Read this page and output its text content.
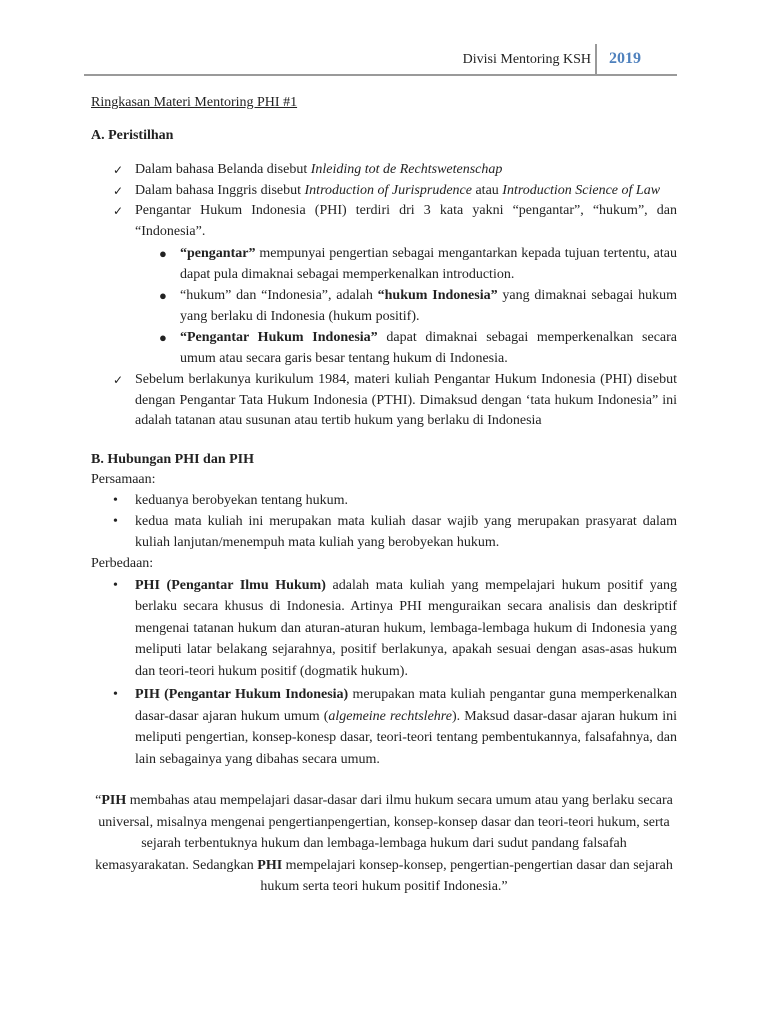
Divisi Mentoring KSH 2019

Ringkasan Materi Mentoring PHI #1

A. Peristilhan

✓ Dalam bahasa Belanda disebut Inleiding tot de Rechtswetenschap
✓ Dalam bahasa Inggris disebut Introduction of Jurisprudence atau Introduction Science of Law
✓ Pengantar Hukum Indonesia (PHI) terdiri dri 3 kata yakni “pengantar”, “hukum”, dan “Indonesia”.
● “pengantar” mempunyai pengertian sebagai mengantarkan kepada tujuan tertentu, atau dapat pula dimaknai sebagai memperkenalkan introduction.
● “hukum” dan “Indonesia”, adalah “hukum Indonesia” yang dimaknai sebagai hukum yang berlaku di Indonesia (hukum positif).
● “Pengantar Hukum Indonesia” dapat dimaknai sebagai memperkenalkan secara umum atau secara garis besar tentang hukum di Indonesia.
✓ Sebelum berlakunya kurikulum 1984, materi kuliah Pengantar Hukum Indonesia (PHI) disebut dengan Pengantar Tata Hukum Indonesia (PTHI). Dimaksud dengan ‘tata hukum Indonesia” ini adalah tatanan atau susunan atau tertib hukum yang berlaku di Indonesia

B. Hubungan PHI dan PIH

Persamaan:

• keduanya berobyekan tentang hukum.
• kedua mata kuliah ini merupakan mata kuliah dasar wajib yang merupakan prasyarat dalam kuliah lanjutan/menempuh mata kuliah yang berobyekan hukum.

Perbedaan:

• PHI (Pengantar Ilmu Hukum) adalah mata kuliah yang mempelajari hukum positif yang berlaku secara khusus di Indonesia. Artinya PHI menguraikan secara analisis dan deskriptif mengenai tatanan hukum dan aturan-aturan hukum, lembaga-lembaga hukum di Indonesia yang meliputi latar belakang sejarahnya, positif berlakunya, apakah sesuai dengan asas-asas hukum dan teori-teori hukum positif (dogmatik hukum).
• PIH (Pengantar Hukum Indonesia) merupakan mata kuliah pengantar guna memperkenalkan dasar-dasar ajaran hukum umum (algemeine rechtslehre). Maksud dasar-dasar ajaran hukum ini meliputi pengertian, konsep-konesp dasar, teori-teori tentang pembentukannya, falsafahnya, dan lain sebagainya yang dibahas secara umum.

“PIH membahas atau mempelajari dasar-dasar dari ilmu hukum secara umum atau yang berlaku secara universal, misalnya mengenai pengertianpengertian, konsep-konsep dasar dan teori-teori hukum, serta sejarah terbentuknya hukum dan lembaga-lembaga hukum dari sudut pandang falsafah kemasyarakatan. Sedangkan PHI mempelajari konsep-konsep, pengertian-pengertian dasar dan sejarah hukum serta teori hukum positif Indonesia.”
